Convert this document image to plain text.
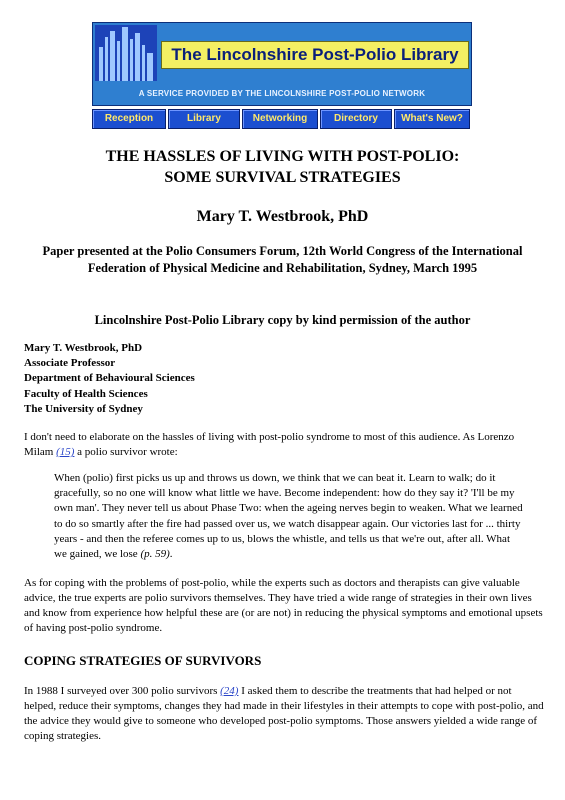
The Lincolnshire Post-Polio Library
A SERVICE PROVIDED BY THE LINCOLNSHIRE POST-POLIO NETWORK
Reception	Library	Networking	Directory	What's New?
THE HASSLES OF LIVING WITH POST-POLIO:
SOME SURVIVAL STRATEGIES
Mary T. Westbrook, PhD
Paper presented at the Polio Consumers Forum, 12th World Congress of the International Federation of Physical Medicine and Rehabilitation, Sydney, March 1995
Lincolnshire Post-Polio Library copy by kind permission of the author
Mary T. Westbrook, PhD
Associate Professor
Department of Behavioural Sciences
Faculty of Health Sciences
The University of Sydney
I don't need to elaborate on the hassles of living with post-polio syndrome to most of this audience. As Lorenzo Milam (15) a polio survivor wrote:
When (polio) first picks us up and throws us down, we think that we can beat it. Learn to walk; do it gracefully, so no one will know what little we have. Become independent: how do they say it? 'I'll be my own man'. They never tell us about Phase Two: when the ageing nerves begin to weaken. What we learned to do so smartly after the fire had passed over us, we watch disappear again. Our victories last for ... thirty years - and then the referee comes up to us, blows the whistle, and tells us that we're out, after all. What we gained, we lose (p. 59).
As for coping with the problems of post-polio, while the experts such as doctors and therapists can give valuable advice, the true experts are polio survivors themselves. They have tried a wide range of strategies in their own lives and know from experience how helpful these are (or are not) in reducing the physical symptoms and emotional upsets of having post-polio syndrome.
COPING STRATEGIES OF SURVIVORS
In 1988 I surveyed over 300 polio survivors (24) I asked them to describe the treatments that had helped or not helped, reduce their symptoms, changes they had made in their lifestyles in their attempts to cope with post-polio, and the advice they would give to someone who developed post-polio symptoms. Those answers yielded a wide range of coping strategies.
